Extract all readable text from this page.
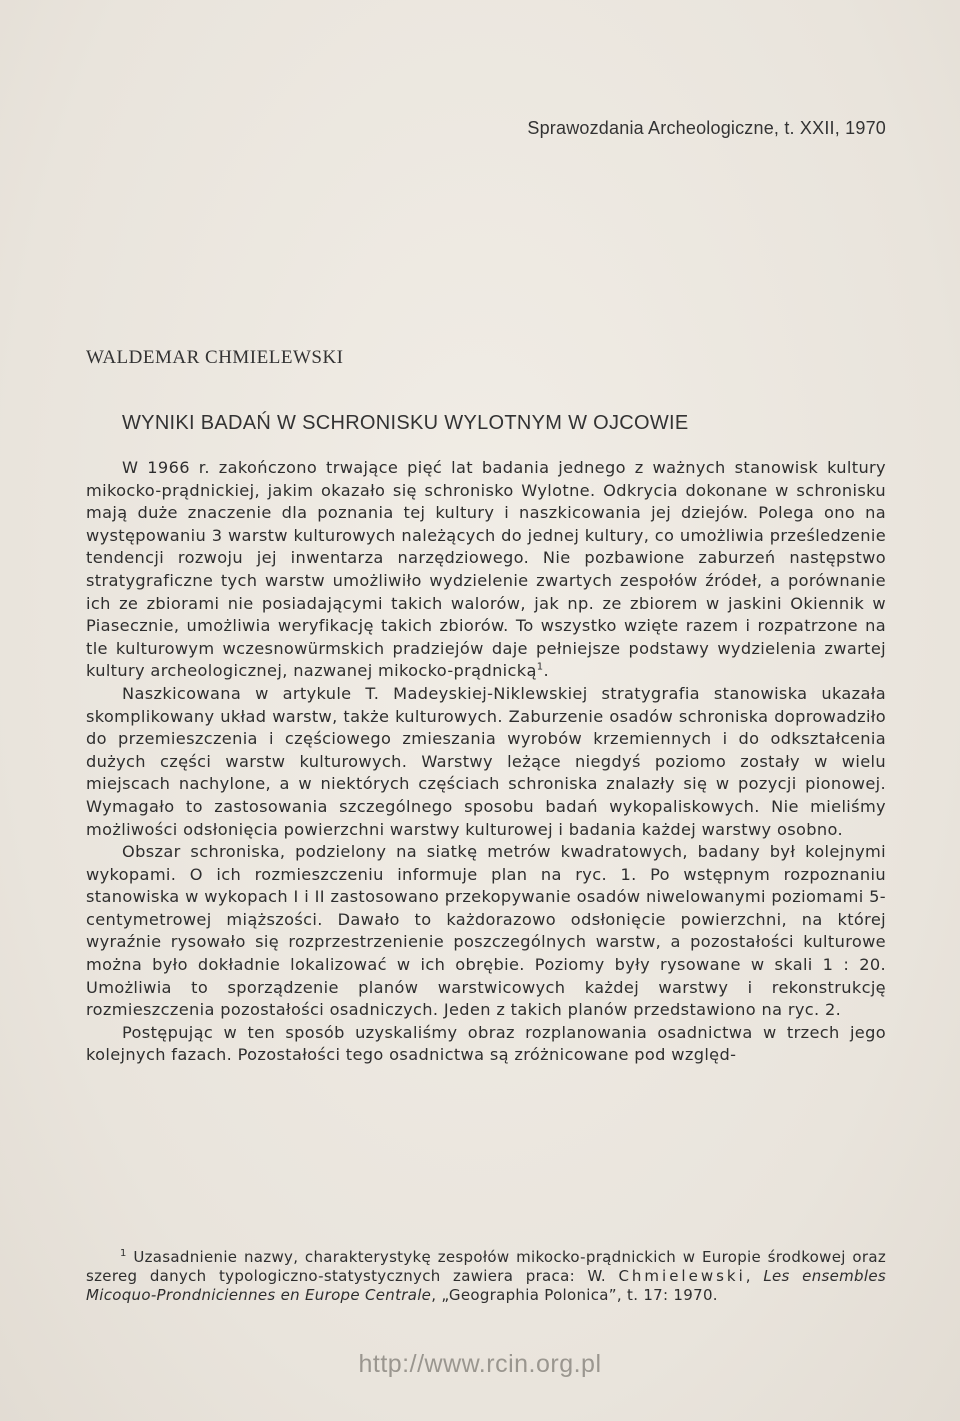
Sprawozdania Archeologiczne, t. XXII, 1970
WALDEMAR CHMIELEWSKI
WYNIKI BADAŃ W SCHRONISKU WYLOTNYM W OJCOWIE

W 1966 r. zakończono trwające pięć lat badania jednego z ważnych stanowisk kultury mikocko-prądnickiej, jakim okazało się schronisko Wylotne. Odkrycia dokonane w schronisku mają duże znaczenie dla poznania tej kultury i naszkicowania jej dziejów. Polega ono na występowaniu 3 warstw kulturowych należących do jednej kultury, co umożliwia prześledzenie tendencji rozwoju jej inwentarza narzędziowego. Nie pozbawione zaburzeń następstwo stratygraficzne tych warstw umożliwiło wydzielenie zwartych zespołów źródeł, a porównanie ich ze zbiorami nie posiadającymi takich walorów, jak np. ze zbiorem w jaskini Okiennik w Piasecznie, umożliwia weryfikację takich zbiorów. To wszystko wzięte razem i rozpatrzone na tle kulturowym wczesnowürmskich pradziejów daje pełniejsze podstawy wydzielenia zwartej kultury archeologicznej, nazwanej mikocko-prądnicką$^1$.

Naszkicowana w artykule T. Madeyskiej-Niklewskiej stratygrafia stanowiska ukazała skomplikowany układ warstw, także kulturowych. Zaburzenie osadów schroniska doprowadziło do przemieszczenia i częściowego zmieszania wyrobów krzemiennych i do odkształcenia dużych części warstw kulturowych. Warstwy leżące niegdyś poziomo zostały w wielu miejscach nachylone, a w niektórych częściach schroniska znalazły się w pozycji pionowej. Wymagało to zastosowania szczególnego sposobu badań wykopaliskowych. Nie mieliśmy możliwości odsłonięcia powierzchni warstwy kulturowej i badania każdej warstwy osobno.

Obszar schroniska, podzielony na siatkę metrów kwadratowych, badany był kolejnymi wykopami. O ich rozmieszczeniu informuje plan na ryc. 1. Po wstępnym rozpoznaniu stanowiska w wykopach I i II zastosowano przekopywanie osadów niwelowanymi poziomami 5-centymetrowej miąższości. Dawało to każdorazowo odsłonięcie powierzchni, na której wyraźnie rysowało się rozprzestrzenienie poszczególnych warstw, a pozostałości kulturowe można było dokładnie lokalizować w ich obrębie. Poziomy były rysowane w skali 1 : 20. Umożliwia to sporządzenie planów warstwicowych każdej warstwy i rekonstrukcję rozmieszczenia pozostałości osadniczych. Jeden z takich planów przedstawiono na ryc. 2.

Postępując w ten sposób uzyskaliśmy obraz rozplanowania osadnictwa w trzech jego kolejnych fazach. Pozostałości tego osadnictwa są zróżnicowane pod względ-

$^1$ Uzasadnienie nazwy, charakterystykę zespołów mikocko-prądnickich w Europie środkowej oraz szereg danych typologiczno-statystycznych zawiera praca: W. Chmielewski, Les ensembles Micoquo-Prondniciennes en Europe Centrale, „Geographia Polonica”, t. 17: 1970.

http://www.rcin.org.pl
